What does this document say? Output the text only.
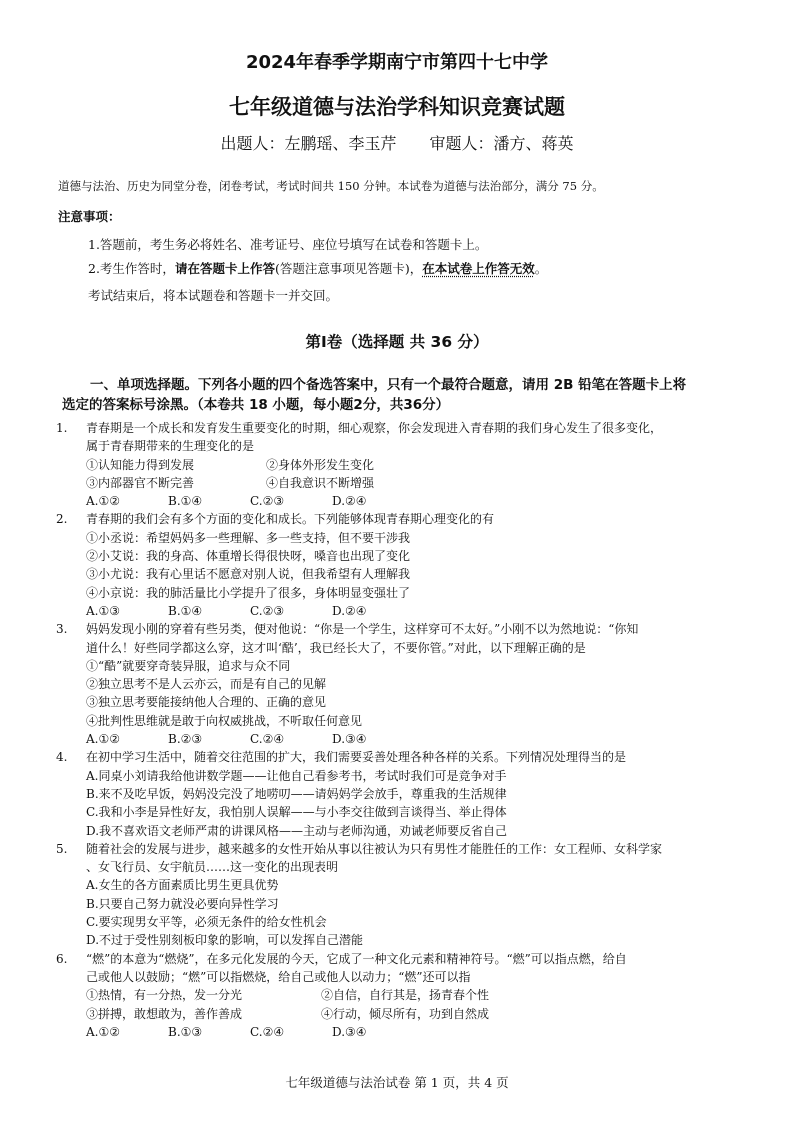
2024年春季学期南宁市第四十七中学
七年级道德与法治学科知识竞赛试题
出题人：左鹏瑶、李玉芹 审题人：潘方、蒋英
道德与法治、历史为同堂分卷，闭卷考试，考试时间共 150 分钟。本试卷为道德与法治部分，满分 75 分。
注意事项：
1.答题前，考生务必将姓名、准考证号、座位号填写在试卷和答题卡上。
2.考生作答时，请在答题卡上作答(答题注意事项见答题卡)，在本试卷上作答无效。
考试结束后，将本试题卷和答题卡一并交回。
第Ⅰ卷（选择题 共 36 分）
一、单项选择题。下列各小题的四个备选答案中，只有一个最符合题意，请用 2B 铅笔在答题卡上将
选定的答案标号涂黑。（本卷共 18 小题，每小题2分，共36分）
1. 青春期是一个成长和发育发生重要变化的时期，细心观察，你会发现进入青春期的我们身心发生了很多变化，
属于青春期带来的生理变化的是
①认知能力得到发展	②身体外形发生变化
③内部器官不断完善	④自我意识不断增强
A.①②	B.①④	C.②③	D.②④
2. 青春期的我们会有多个方面的变化和成长。下列能够体现青春期心理变化的有
①小丞说：希望妈妈多一些理解、多一些支持，但不要干涉我
②小艾说：我的身高、体重增长得很快呀，嗓音也出现了变化
③小尤说：我有心里话不愿意对别人说，但我希望有人理解我
④小京说：我的肺活量比小学提升了很多，身体明显变强壮了
A.①③	B.①④	C.②③	D.②④
3. 妈妈发现小刚的穿着有些另类，便对他说：“你是一个学生，这样穿可不太好。”小刚不以为然地说：“你知
道什么！好些同学都这么穿，这才叫‘酷’，我已经长大了，不要你管。”对此，以下理解正确的是
①“酷”就要穿奇装异服，追求与众不同
②独立思考不是人云亦云，而是有自己的见解
③独立思考要能接纳他人合理的、正确的意见
④批判性思维就是敢于向权威挑战，不听取任何意见
A.①②	B.②③	C.②④	D.③④
4. 在初中学习生活中，随着交往范围的扩大，我们需要妥善处理各种各样的关系。下列情况处理得当的是
A.同桌小刘请我给他讲数学题——让他自己看参考书，考试时我们可是竞争对手
B.来不及吃早饭，妈妈没完没了地唠叨——请妈妈学会放手，尊重我的生活规律
C.我和小李是异性好友，我怕别人误解——与小李交往做到言谈得当、举止得体
D.我不喜欢语文老师严肃的讲课风格——主动与老师沟通，劝诫老师要反省自己
5. 随着社会的发展与进步，越来越多的女性开始从事以往被认为只有男性才能胜任的工作：女工程师、女科学家
、女飞行员、女宇航员……这一变化的出现表明
A.女生的各方面素质比男生更具优势
B.只要自己努力就没必要向异性学习
C.要实现男女平等，必须无条件的给女性机会
D.不过于受性别刻板印象的影响，可以发挥自己潜能
6. “燃”的本意为“燃烧”，在多元化发展的今天，它成了一种文化元素和精神符号。“燃”可以指点燃，给自
己或他人以鼓励；“燃”可以指燃烧，给自己或他人以动力；“燃”还可以指
①热情，有一分热，发一分光	②自信，自行其是，扬青春个性
③拼搏，敢想敢为，善作善成	④行动，倾尽所有，功到自然成
A.①②	B.①③	C.②④	D.③④
七年级道德与法治试卷 第 1 页，共 4 页
